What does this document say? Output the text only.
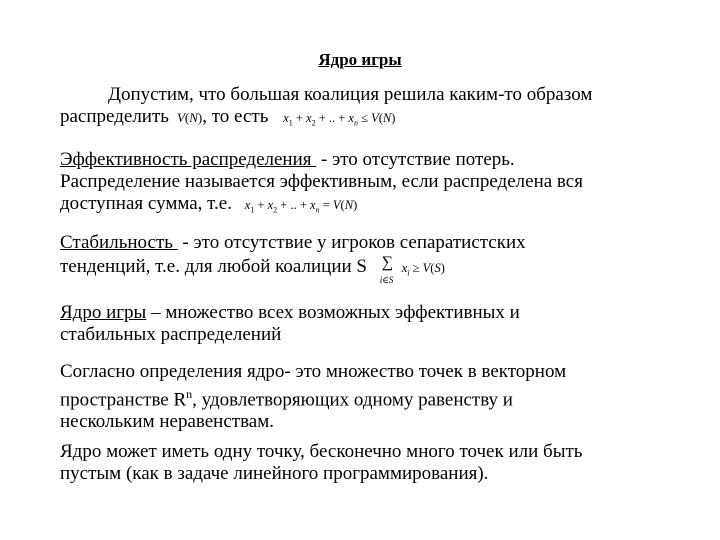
Ядро игры
Допустим, что большая коалиция решила каким-то образом
распределить  V(N), то есть $x_1 + x_2$ + .. + $x_n \le V(N)$
Эффективность распределения  - это отсутствие потерь.
Распределение называется эффективным, если распределена вся
доступная сумма, т.е. $x_1 + x_2$ + .. + $x_n = V(N)$
Стабильность  - это отсутствие у игроков сепаратистских
тенденций, т.е. для любой коалиции S ∑
i∈S
$x_i \ge V(S)$
Ядро игры – множество всех возможных эффективных и
стабильных распределений
Согласно определения ядро- это множество точек в векторном
пространстве $R^n$, удовлетворяющих одному равенству и
нескольким неравенствам.
Ядро может иметь одну точку, бесконечно много точек или быть
пустым (как в задаче линейного программирования).
